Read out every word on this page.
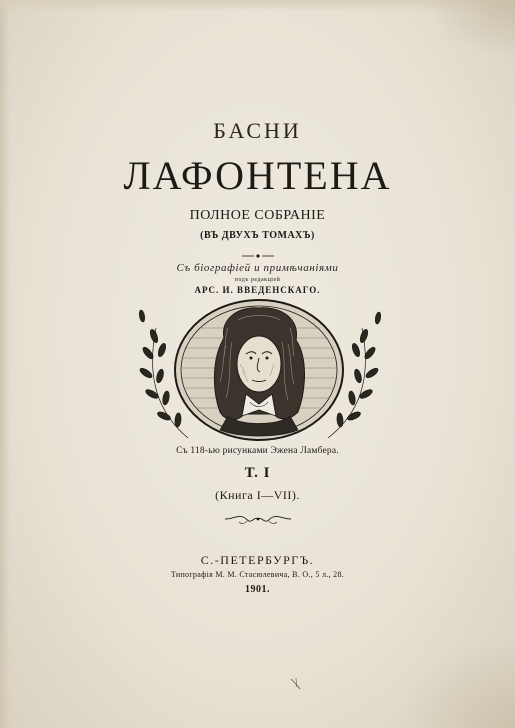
БАСНИ
ЛАФОНТЕНА
ПОЛНОЕ СОБРАНІЕ
(ВЪ ДВУХЪ ТОМАХЪ)
Съ біографіей и примѣчаніями
подъ редакціей
АРС. И. ВВЕДЕНСКАГО.
Съ 118-ью рисунками Эжена Ламбера.
Т. I
(Книга I—VII).
С.-ПЕТЕРБУРГЪ.
Типографія М. М. Стасюлевича, В. О., 5 л., 28.
1901.
